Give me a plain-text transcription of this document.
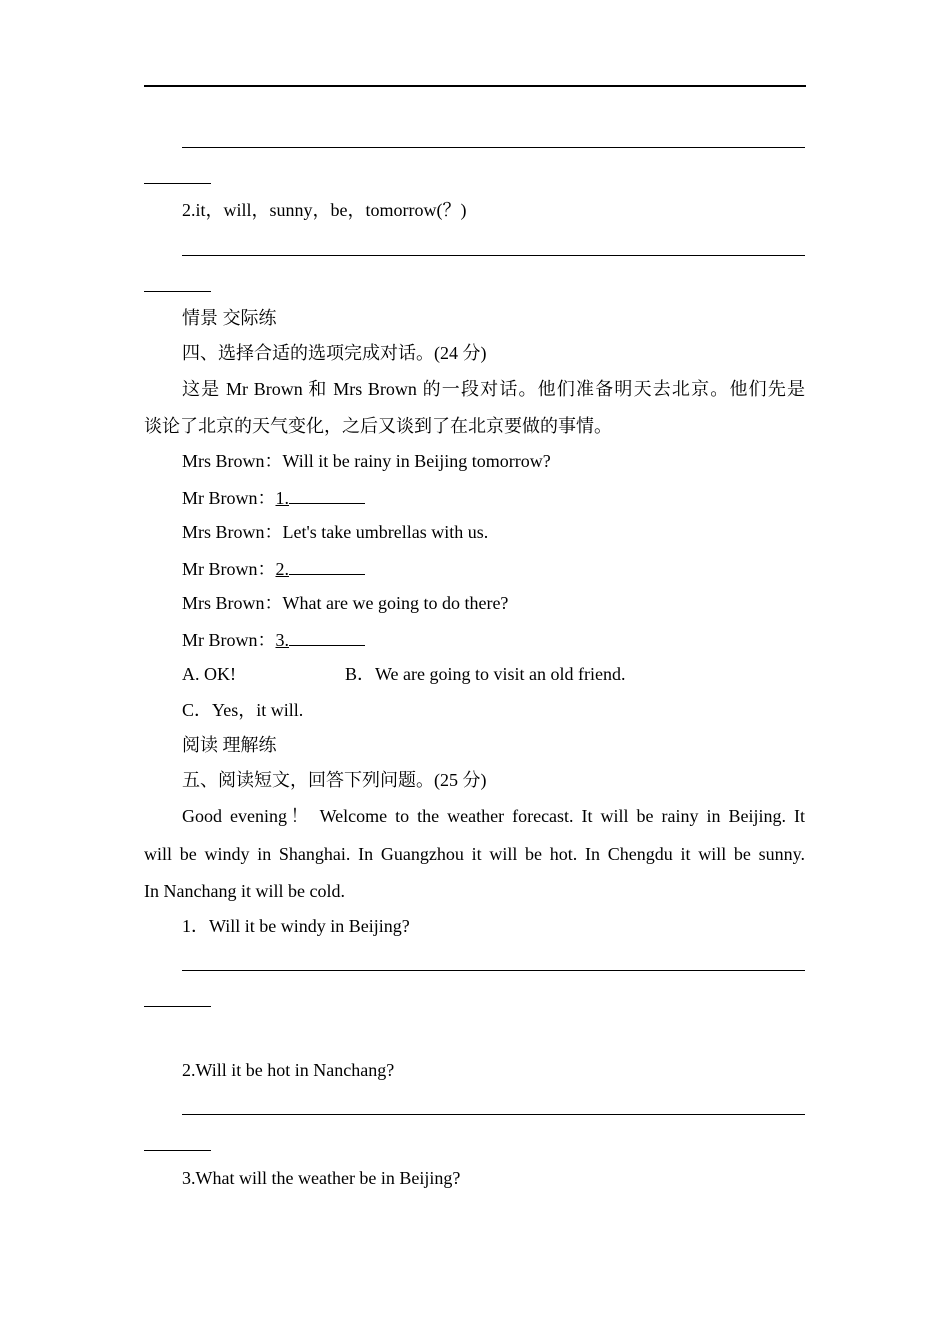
2.it，will，sunny，be，tomorrow(？)
情景 交际练
四、选择合适的选项完成对话。(24 分)
这是 Mr Brown 和 Mrs Brown 的一段对话。他们准备明天去北京。他们先是
谈论了北京的天气变化，之后又谈到了在北京要做的事情。
Mrs Brown：Will it be rainy in Beijing tomorrow?
Mr Brown：1.
Mrs Brown：Let's take umbrellas with us.
Mr Brown：2.
Mrs Brown：What are we going to do there?
Mr Brown：3.
A. OK!	B．We are going to visit an old friend.
C．Yes，it will.
阅读 理解练
五、阅读短文，回答下列问题。(25 分)
Good evening！ Welcome to the weather forecast. It will be rainy in Beijing. It
will be windy in Shanghai. In Guangzhou it will be hot. In Chengdu it will be sunny.
In Nanchang it will be cold.
1．Will it be windy in Beijing?
2.Will it be hot in Nanchang?
3.What will the weather be in Beijing?
